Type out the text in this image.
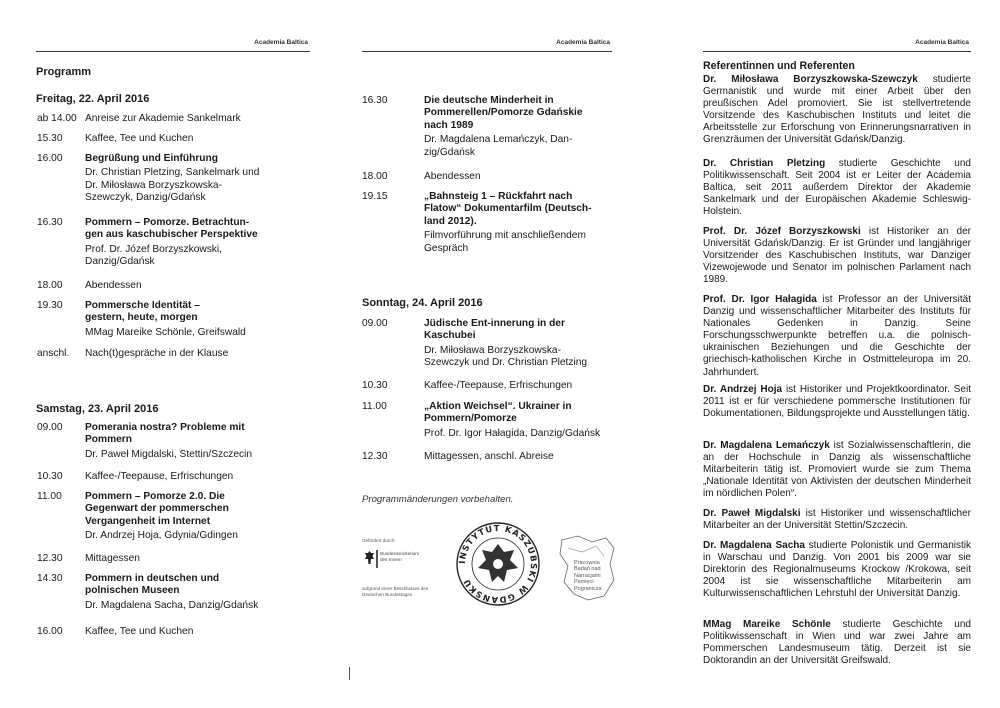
Academia Baltica
Programm
Freitag, 22. April 2016
ab 14.00 Anreise zur Akademie Sankelmark
15.30	Kaffee, Tee und Kuchen
16.00	Begrüßung und Einführung
Dr. Christian Pletzing, Sankelmark und
Dr. Miłosława Borzyszkowska-
Szewczyk, Danzig/Gdańsk
16.30	Pommern – Pomorze. Betrachtun-
gen aus kaschubischer Perspektive
Prof. Dr. Józef Borzyszkowski,
Danzig/Gdańsk
18.00	Abendessen
19.30	Pommersche Identität –
gestern, heute, morgen
MMag Mareike Schönle, Greifswald
anschl.	Nach(t)gespräche in der Klause
Samstag, 23. April 2016
09.00	Pomerania nostra? Probleme mit
Pommern
Dr. Paweł Migdalski, Stettin/Szczecin
10.30	Kaffee-/Teepause, Erfrischungen
11.00	Pommern – Pomorze 2.0. Die
Gegenwart der pommerschen
Vergangenheit im Internet
Dr. Andrzej Hoja, Gdynia/Gdingen
12.30	Mittagessen
14.30	Pommern in deutschen und
polnischen Museen
Dr. Magdalena Sacha, Danzig/Gdańsk
16.00	Kaffee, Tee und Kuchen
Academia Baltica
16.30	Die deutsche Minderheit in
Pommerellen/Pomorze Gdańskie
nach 1989
Dr. Magdalena Lemańczyk, Dan-
zig/Gdańsk
18.00	Abendessen
19.15	„Bahnsteig 1 – Rückfahrt nach
Flatow“ Dokumentarfilm (Deutsch-
land 2012).
Filmvorführung mit anschließendem
Gespräch
Sonntag, 24. April 2016
09.00	Jüdische Ent-innerung in der
Kaschubei
Dr. Miłosława Borzyszkowska-
Szewczyk und Dr. Christian Pletzing
10.30	Kaffee-/Teepause, Erfrischungen
11.00	„Aktion Weichsel“. Ukrainer in
Pommern/Pomorze
Prof. Dr. Igor Hałagida, Danzig/Gdańsk
12.30	Mittagessen, anschl. Abreise
Programmänderungen vorbehalten.
Gefördert durch:
Bundesministerium des Innern
aufgrund eines Beschlusses des Deutschen Bundestages
INSTYTUT KASZUBSKI W GDAŃSKU
Pracownia Badań nad Narracjami Pamięci Pogranicza
Academia Baltica
Referentinnen und Referenten
Dr. Miłosława Borzyszkowska-Szewczyk studierte Germanistik und wurde mit einer Arbeit über den preußischen Adel promoviert. Sie ist stellvertretende Vorsitzende des Kaschubischen Instituts und leitet die Arbeitsstelle zur Erforschung von Erinnerungsnarrativen in Grenzräumen der Universität Gdańsk/Danzig.
Dr. Christian Pletzing studierte Geschichte und Politikwissenschaft. Seit 2004 ist er Leiter der Academia Baltica, seit 2011 außerdem Direktor der Akademie Sankelmark und der Europäischen Akademie Schleswig-Holstein.
Prof. Dr. Józef Borzyszkowski ist Historiker an der Universität Gdańsk/Danzig. Er ist Gründer und langjähriger Vorsitzender des Kaschubischen Instituts, war Danziger Vizewojewode und Senator im polnischen Parlament nach 1989.
Prof. Dr. Igor Hałagida ist Professor an der Universität Danzig und wissenschaftlicher Mitarbeiter des Instituts für Nationales Gedenken in Danzig. Seine Forschungsschwerpunkte betreffen u.a. die polnisch-ukrainischen Beziehungen und die Geschichte der griechisch-katholischen Kirche in Ostmitteleuropa im 20. Jahrhundert.
Dr. Andrzej Hoja ist Historiker und Projektkoordinator. Seit 2011 ist er für verschiedene pommersche Institutionen für Dokumentationen, Bildungsprojekte und Ausstellungen tätig.
Dr. Magdalena Lemańczyk ist Sozialwissenschaftlerin, die an der Hochschule in Danzig als wissenschaftliche Mitarbeiterin tätig ist. Promoviert wurde sie zum Thema „Nationale Identität von Aktivisten der deutschen Minderheit im nördlichen Polen“.
Dr. Paweł Migdalski ist Historiker und wissenschaftlicher Mitarbeiter an der Universität Stettin/Szczecin.
Dr. Magdalena Sacha studierte Polonistik und Germanistik in Warschau und Danzig. Von 2001 bis 2009 war sie Direktorin des Regionalmuseums Krockow /Krokowa, seit 2004 ist sie wissenschaftliche Mitarbeiterin am Kulturwissenschaftlichen Lehrstuhl der Universität Danzig.
MMag Mareike Schönle studierte Geschichte und Politikwissenschaft in Wien und war zwei Jahre am Pommerschen Landesmuseum tätig. Derzeit ist sie Doktorandin an der Universität Greifswald.
